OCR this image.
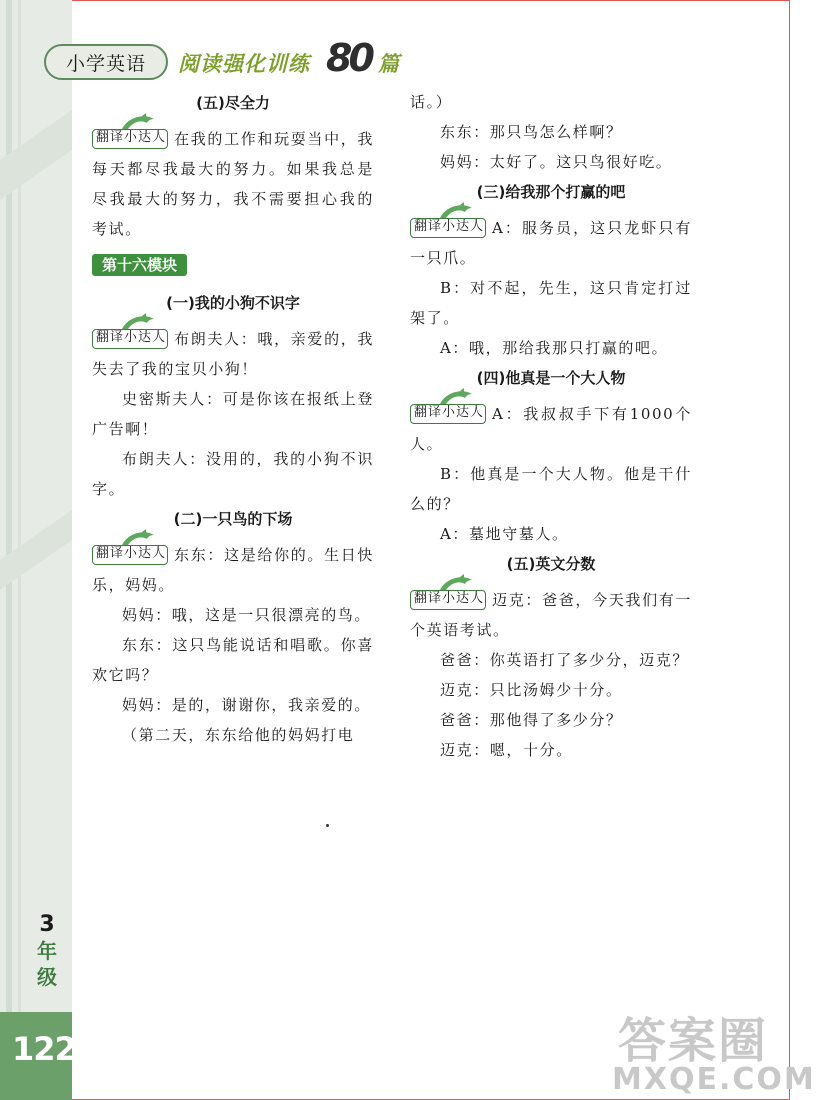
小学英语	阅读强化训练 80 篇
(五)尽全力

翻译小达人 在我的工作和玩耍当中，我每天都尽我最大的努力。如果我总是尽我最大的努力，我不需要担心我的考试。

第十六模块
(一)我的小狗不识字

翻译小达人 布朗夫人：哦，亲爱的，我失去了我的宝贝小狗！

史密斯夫人：可是你该在报纸上登广告啊！

布朗夫人：没用的，我的小狗不识字。

(二)一只鸟的下场

翻译小达人 东东：这是给你的。生日快乐，妈妈。

妈妈：哦，这是一只很漂亮的鸟。

东东：这只鸟能说话和唱歌。你喜欢它吗？

妈妈：是的，谢谢你，我亲爱的。

（第二天，东东给他的妈妈打电

话。）

东东：那只鸟怎么样啊？

妈妈：太好了。这只鸟很好吃。

(三)给我那个打赢的吧

翻译小达人 A：服务员，这只龙虾只有一只爪。

B：对不起，先生，这只肯定打过架了。

A：哦，那给我那只打赢的吧。

(四)他真是一个大人物

翻译小达人 A：我叔叔手下有1000个人。

B：他真是一个大人物。他是干什么的？

A：墓地守墓人。

(五)英文分数

翻译小达人 迈克：爸爸，今天我们有一个英语考试。

爸爸：你英语打了多少分，迈克？

迈克：只比汤姆少十分。

爸爸：那他得了多少分？

迈克：嗯，十分。

3
年
级
122	答案圈
MXQE.COM
